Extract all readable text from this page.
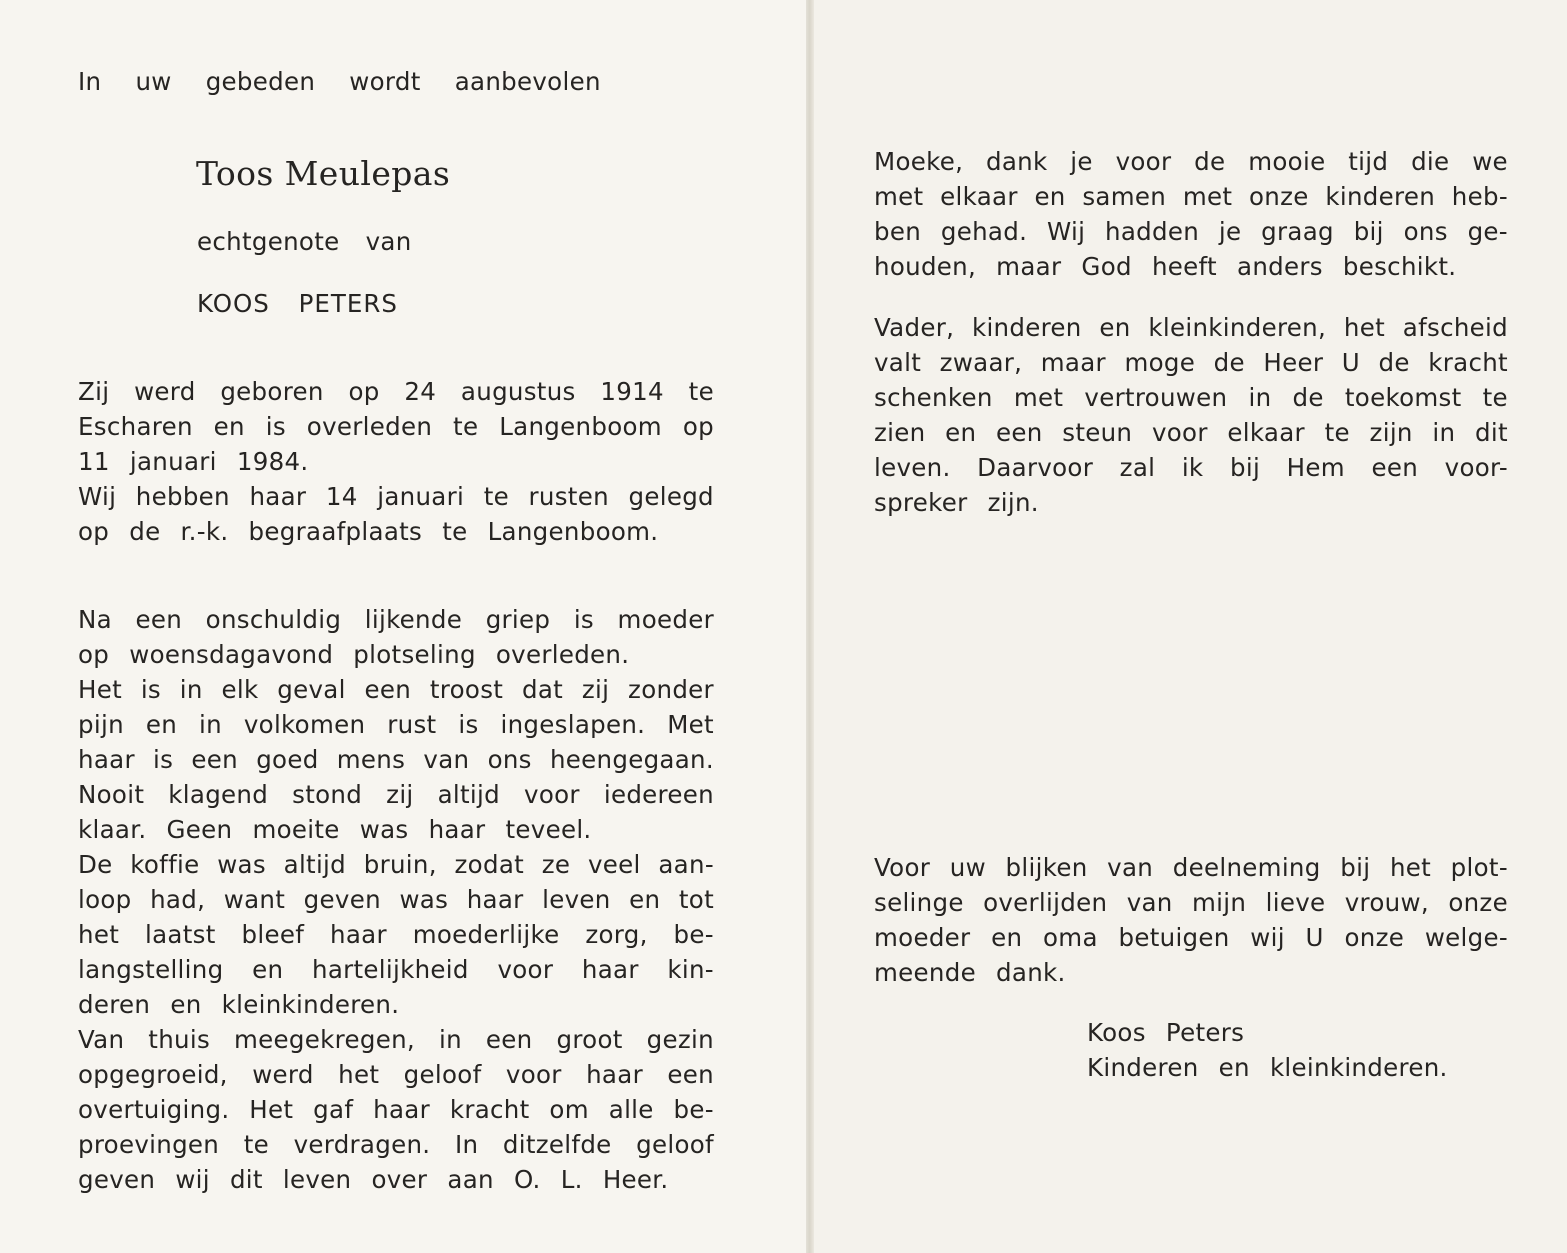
In uw gebeden wordt aanbevolen
Toos Meulepas
echtgenote van
KOOS PETERS
Zij werd geboren op 24 augustus 1914 te
Escharen en is overleden te Langenboom op
11 januari 1984.
Wij hebben haar 14 januari te rusten gelegd
op de r.-k. begraafplaats te Langenboom.
Na een onschuldig lijkende griep is moeder
op woensdagavond plotseling overleden.
Het is in elk geval een troost dat zij zonder
pijn en in volkomen rust is ingeslapen. Met
haar is een goed mens van ons heengegaan.
Nooit klagend stond zij altijd voor iedereen
klaar. Geen moeite was haar teveel.
De koffie was altijd bruin, zodat ze veel aan-
loop had, want geven was haar leven en tot
het laatst bleef haar moederlijke zorg, be-
langstelling en hartelijkheid voor haar kin-
deren en kleinkinderen.
Van thuis meegekregen, in een groot gezin
opgegroeid, werd het geloof voor haar een
overtuiging. Het gaf haar kracht om alle be-
proevingen te verdragen. In ditzelfde geloof
geven wij dit leven over aan O. L. Heer.
Moeke, dank je voor de mooie tijd die we
met elkaar en samen met onze kinderen heb-
ben gehad. Wij hadden je graag bij ons ge-
houden, maar God heeft anders beschikt.
Vader, kinderen en kleinkinderen, het afscheid
valt zwaar, maar moge de Heer U de kracht
schenken met vertrouwen in de toekomst te
zien en een steun voor elkaar te zijn in dit
leven. Daarvoor zal ik bij Hem een voor-
spreker zijn.
Voor uw blijken van deelneming bij het plot-
selinge overlijden van mijn lieve vrouw, onze
moeder en oma betuigen wij U onze welge-
meende dank.
Koos Peters
Kinderen en kleinkinderen.
